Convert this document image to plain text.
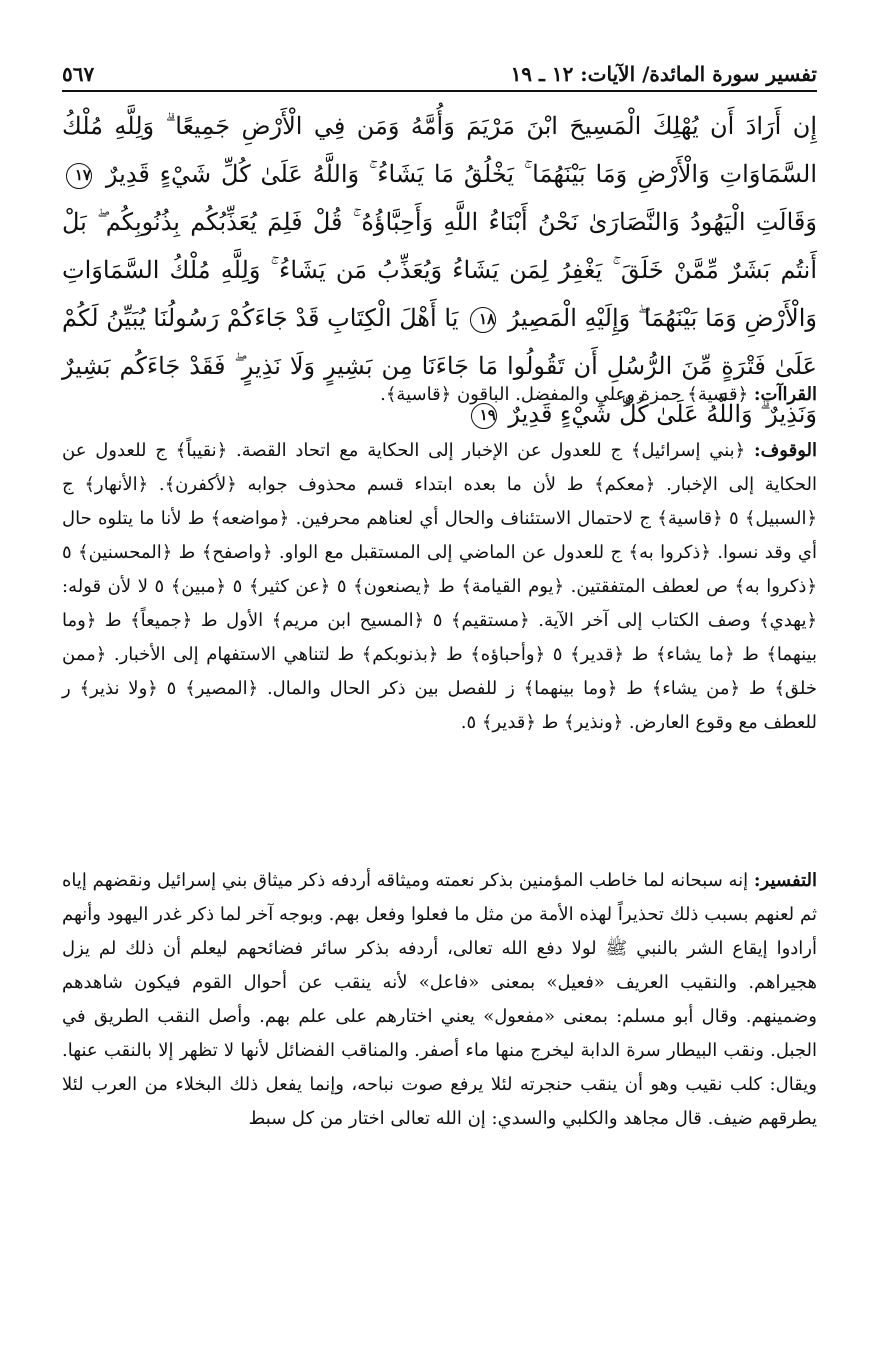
تفسير سورة المائدة/ الآيات: ١٢ ـ ١٩
٥٦٧

إِن أَرَادَ أَن يُهْلِكَ الْمَسِيحَ ابْنَ مَرْيَمَ وَأُمَّهُ وَمَن فِي الْأَرْضِ جَمِيعًا ۗ وَلِلَّهِ مُلْكُ السَّمَاوَاتِ وَالْأَرْضِ وَمَا بَيْنَهُمَا ۚ يَخْلُقُ مَا يَشَاءُ ۚ وَاللَّهُ عَلَىٰ كُلِّ شَيْءٍ قَدِيرٌ ١٧ وَقَالَتِ الْيَهُودُ وَالنَّصَارَىٰ نَحْنُ أَبْنَاءُ اللَّهِ وَأَحِبَّاؤُهُ ۚ قُلْ فَلِمَ يُعَذِّبُكُم بِذُنُوبِكُم ۖ بَلْ أَنتُم بَشَرٌ مِّمَّنْ خَلَقَ ۚ يَغْفِرُ لِمَن يَشَاءُ وَيُعَذِّبُ مَن يَشَاءُ ۚ وَلِلَّهِ مُلْكُ السَّمَاوَاتِ وَالْأَرْضِ وَمَا بَيْنَهُمَا ۖ وَإِلَيْهِ الْمَصِيرُ ١٨ يَا أَهْلَ الْكِتَابِ قَدْ جَاءَكُمْ رَسُولُنَا يُبَيِّنُ لَكُمْ عَلَىٰ فَتْرَةٍ مِّنَ الرُّسُلِ أَن تَقُولُوا مَا جَاءَنَا مِن بَشِيرٍ وَلَا نَذِيرٍ ۖ فَقَدْ جَاءَكُم بَشِيرٌ وَنَذِيرٌ ۗ وَاللَّهُ عَلَىٰ كُلِّ شَيْءٍ قَدِيرٌ ١٩

القراآت: ﴿قسية﴾ حمزة وعلي والمفضل. الباقون ﴿قاسية﴾.

الوقوف: ﴿بني إسرائيل﴾ ج للعدول عن الإخبار إلى الحكاية مع اتحاد القصة. ﴿نقيباً﴾ ج للعدول عن الحكاية إلى الإخبار. ﴿معكم﴾ ط لأن ما بعده ابتداء قسم محذوف جوابه ﴿لأكفرن﴾. ﴿الأنهار﴾ ج ﴿السبيل﴾ ٥ ﴿قاسية﴾ ج لاحتمال الاستئناف والحال أي لعناهم محرفين. ﴿مواضعه﴾ ط لأنا ما يتلوه حال أي وقد نسوا. ﴿ذكروا به﴾ ج للعدول عن الماضي إلى المستقبل مع الواو. ﴿واصفح﴾ ط ﴿المحسنين﴾ ٥ ﴿ذكروا به﴾ ص لعطف المتفقتين. ﴿يوم القيامة﴾ ط ﴿يصنعون﴾ ٥ ﴿عن كثير﴾ ٥ ﴿مبين﴾ ٥ لا لأن قوله: ﴿يهدي﴾ وصف الكتاب إلى آخر الآية. ﴿مستقيم﴾ ٥ ﴿المسيح ابن مريم﴾ الأول ط ﴿جميعاً﴾ ط ﴿وما بينهما﴾ ط ﴿ما يشاء﴾ ط ﴿قدير﴾ ٥ ﴿وأحباؤه﴾ ط ﴿بذنوبكم﴾ ط لتناهي الاستفهام إلى الأخبار. ﴿ممن خلق﴾ ط ﴿من يشاء﴾ ط ﴿وما بينهما﴾ ز للفصل بين ذكر الحال والمال. ﴿المصير﴾ ٥ ﴿ولا نذير﴾ ر للعطف مع وقوع العارض. ﴿ونذير﴾ ط ﴿قدير﴾ ٥.

التفسير: إنه سبحانه لما خاطب المؤمنين بذكر نعمته وميثاقه أردفه ذكر ميثاق بني إسرائيل ونقضهم إياه ثم لعنهم بسبب ذلك تحذيراً لهذه الأمة من مثل ما فعلوا وفعل بهم. وبوجه آخر لما ذكر غدر اليهود وأنهم أرادوا إيقاع الشر بالنبي ﷺ لولا دفع الله تعالى، أردفه بذكر سائر فضائحهم ليعلم أن ذلك لم يزل هجيراهم. والنقيب العريف «فعيل» بمعنى «فاعل» لأنه ينقب عن أحوال القوم فيكون شاهدهم وضمينهم. وقال أبو مسلم: بمعنى «مفعول» يعني اختارهم على علم بهم. وأصل النقب الطريق في الجبل. ونقب البيطار سرة الدابة ليخرج منها ماء أصفر. والمناقب الفضائل لأنها لا تظهر إلا بالنقب عنها. ويقال: كلب نقيب وهو أن ينقب حنجرته لئلا يرفع صوت نباحه، وإنما يفعل ذلك البخلاء من العرب لئلا يطرقهم ضيف. قال مجاهد والكلبي والسدي: إن الله تعالى اختار من كل سبط
